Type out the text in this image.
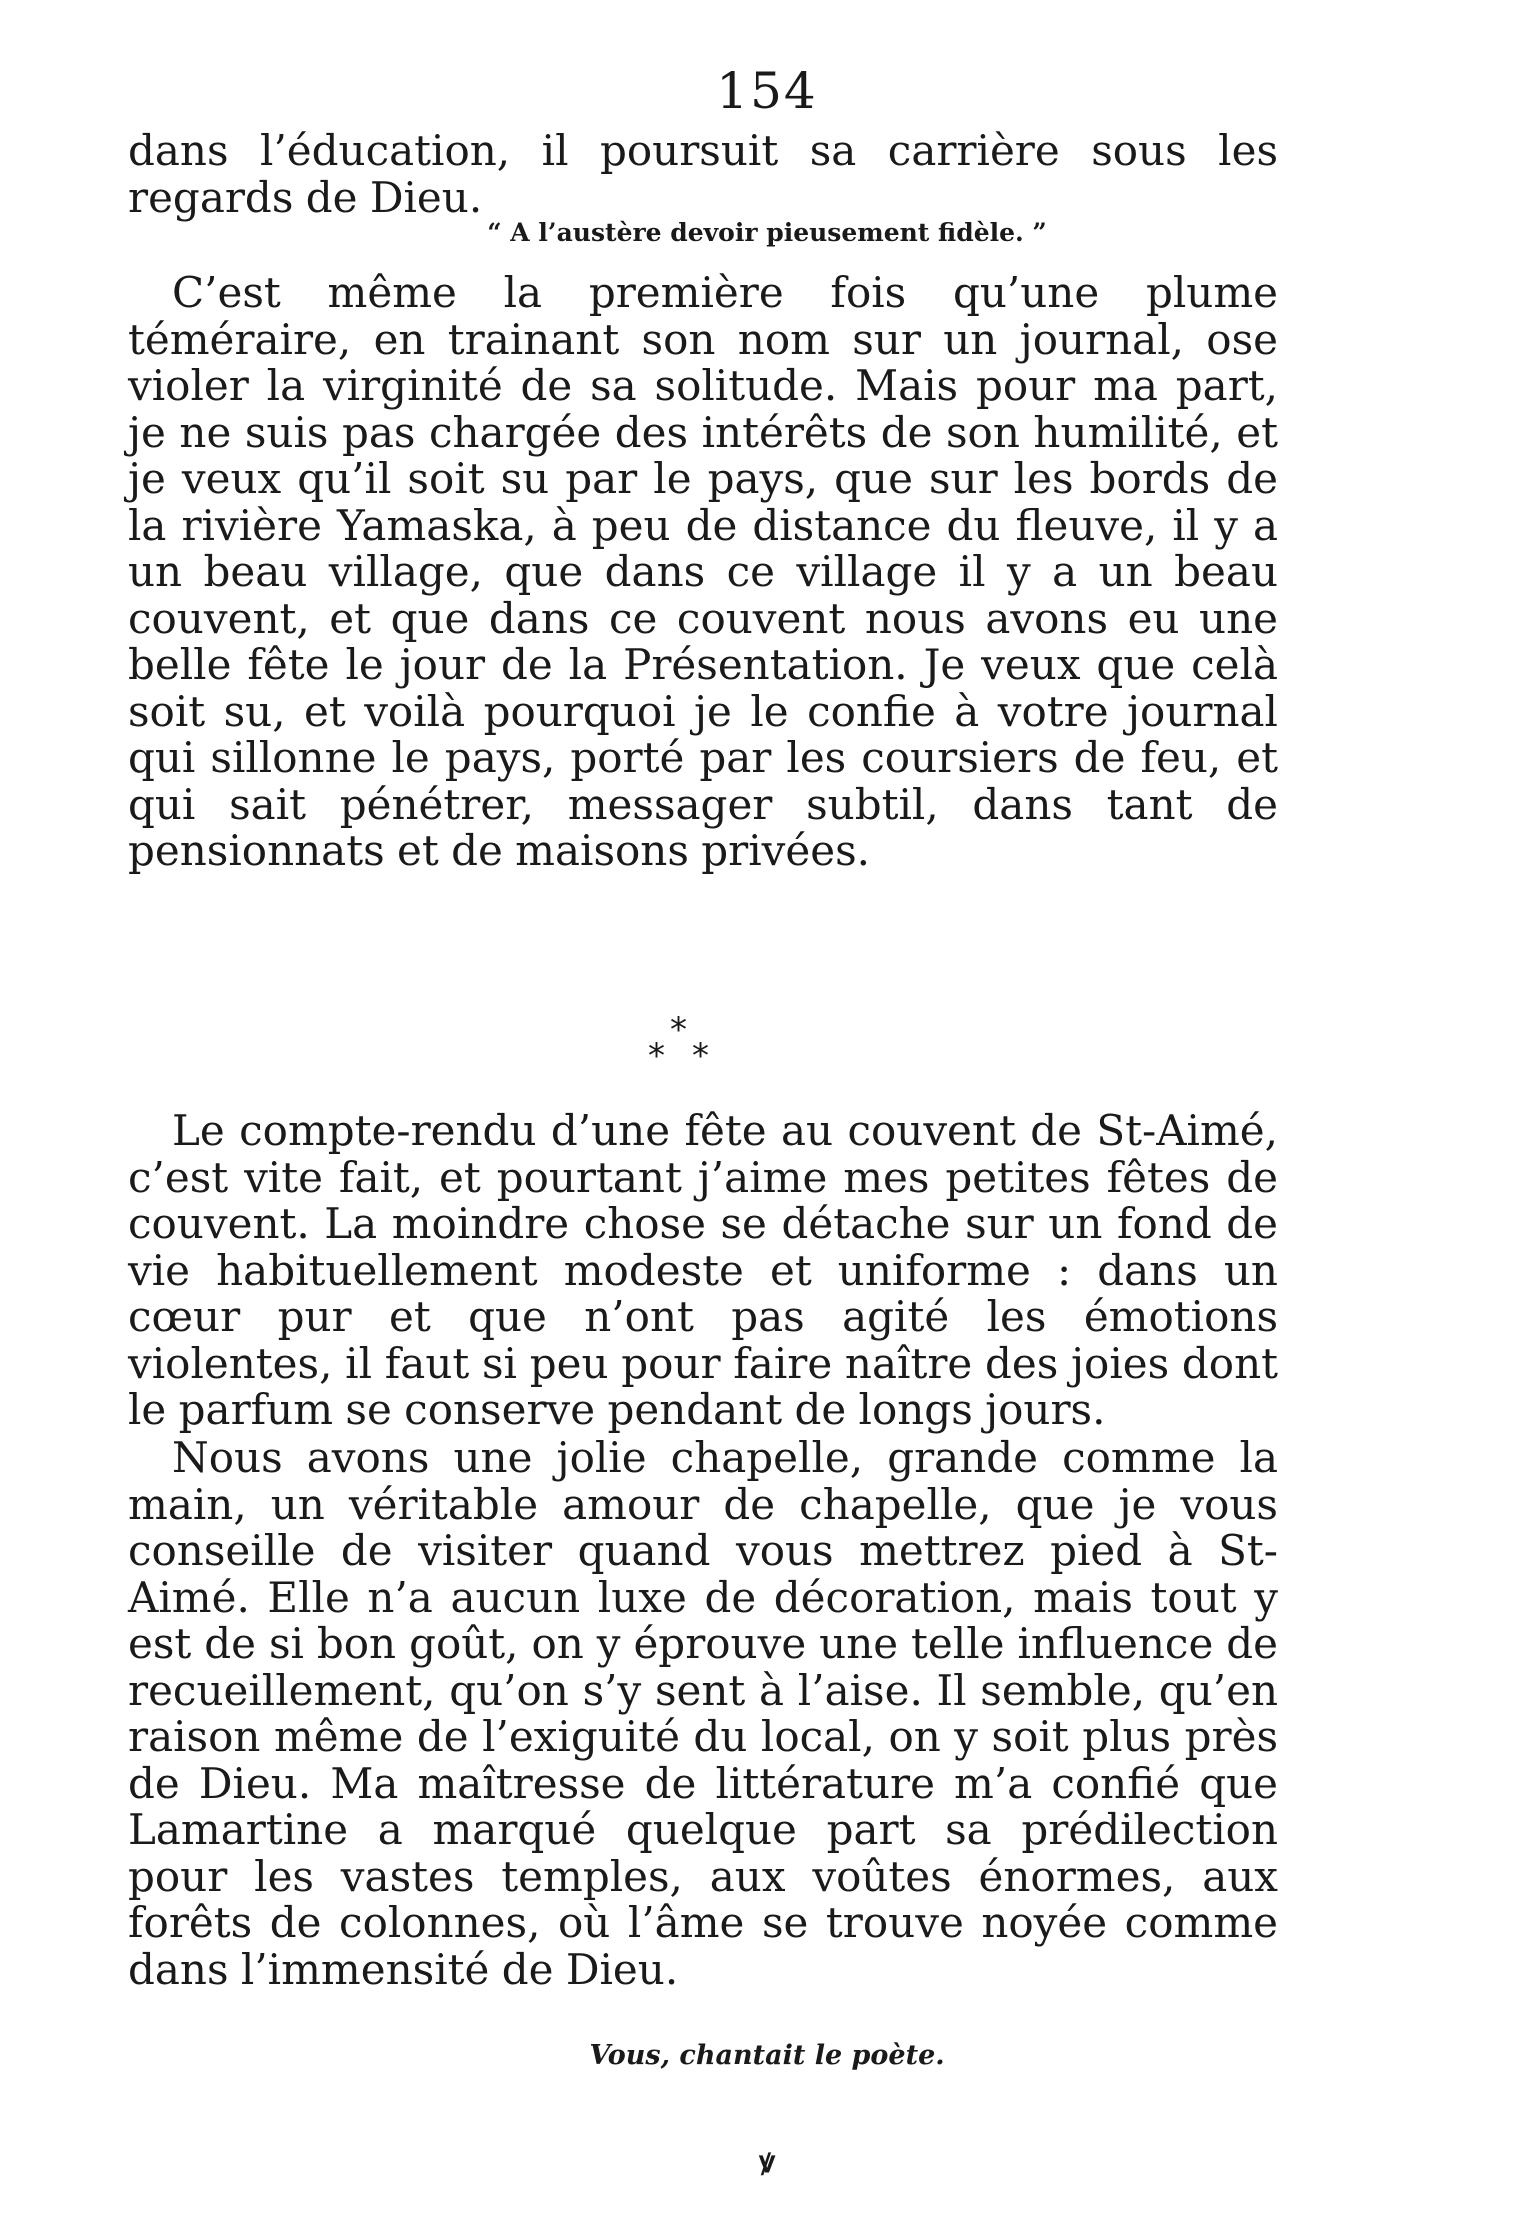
154

dans l’éducation, il poursuit sa carrière sous les regards de Dieu.

“ A l’austère devoir pieusement fidèle. ”

C’est même la première fois qu’une plume téméraire, en trainant son nom sur un journal, ose violer la virginité de sa solitude. Mais pour ma part, je ne suis pas chargée des intérêts de son humilité, et je veux qu’il soit su par le pays, que sur les bords de la rivière Yamaska, à peu de distance du fleuve, il y a un beau village, que dans ce village il y a un beau couvent, et que dans ce couvent nous avons eu une belle fête le jour de la Présentation. Je veux que celà soit su, et voilà pourquoi je le confie à votre journal qui sillonne le pays, porté par les coursiers de feu, et qui sait pénétrer, messager subtil, dans tant de pensionnats et de maisons privées.

*
* *

Le compte-rendu d’une fête au couvent de St-Aimé, c’est vite fait, et pourtant j’aime mes petites fêtes de couvent. La moindre chose se détache sur un fond de vie habituellement modeste et uniforme : dans un cœur pur et que n’ont pas agité les émotions violentes, il faut si peu pour faire naître des joies dont le parfum se conserve pendant de longs jours.

Nous avons une jolie chapelle, grande comme la main, un véritable amour de chapelle, que je vous conseille de visiter quand vous mettrez pied à St-Aimé. Elle n’a aucun luxe de décoration, mais tout y est de si bon goût, on y éprouve une telle influence de recueillement, qu’on s’y sent à l’aise. Il semble, qu’en raison même de l’exiguité du local, on y soit plus près de Dieu. Ma maîtresse de littérature m’a confié que Lamartine a marqué quelque part sa prédilection pour les vastes temples, aux voûtes énormes, aux forêts de colonnes, où l’âme se trouve noyée comme dans l’immensité de Dieu.

Vous, chantait le poète.
ꝟ
